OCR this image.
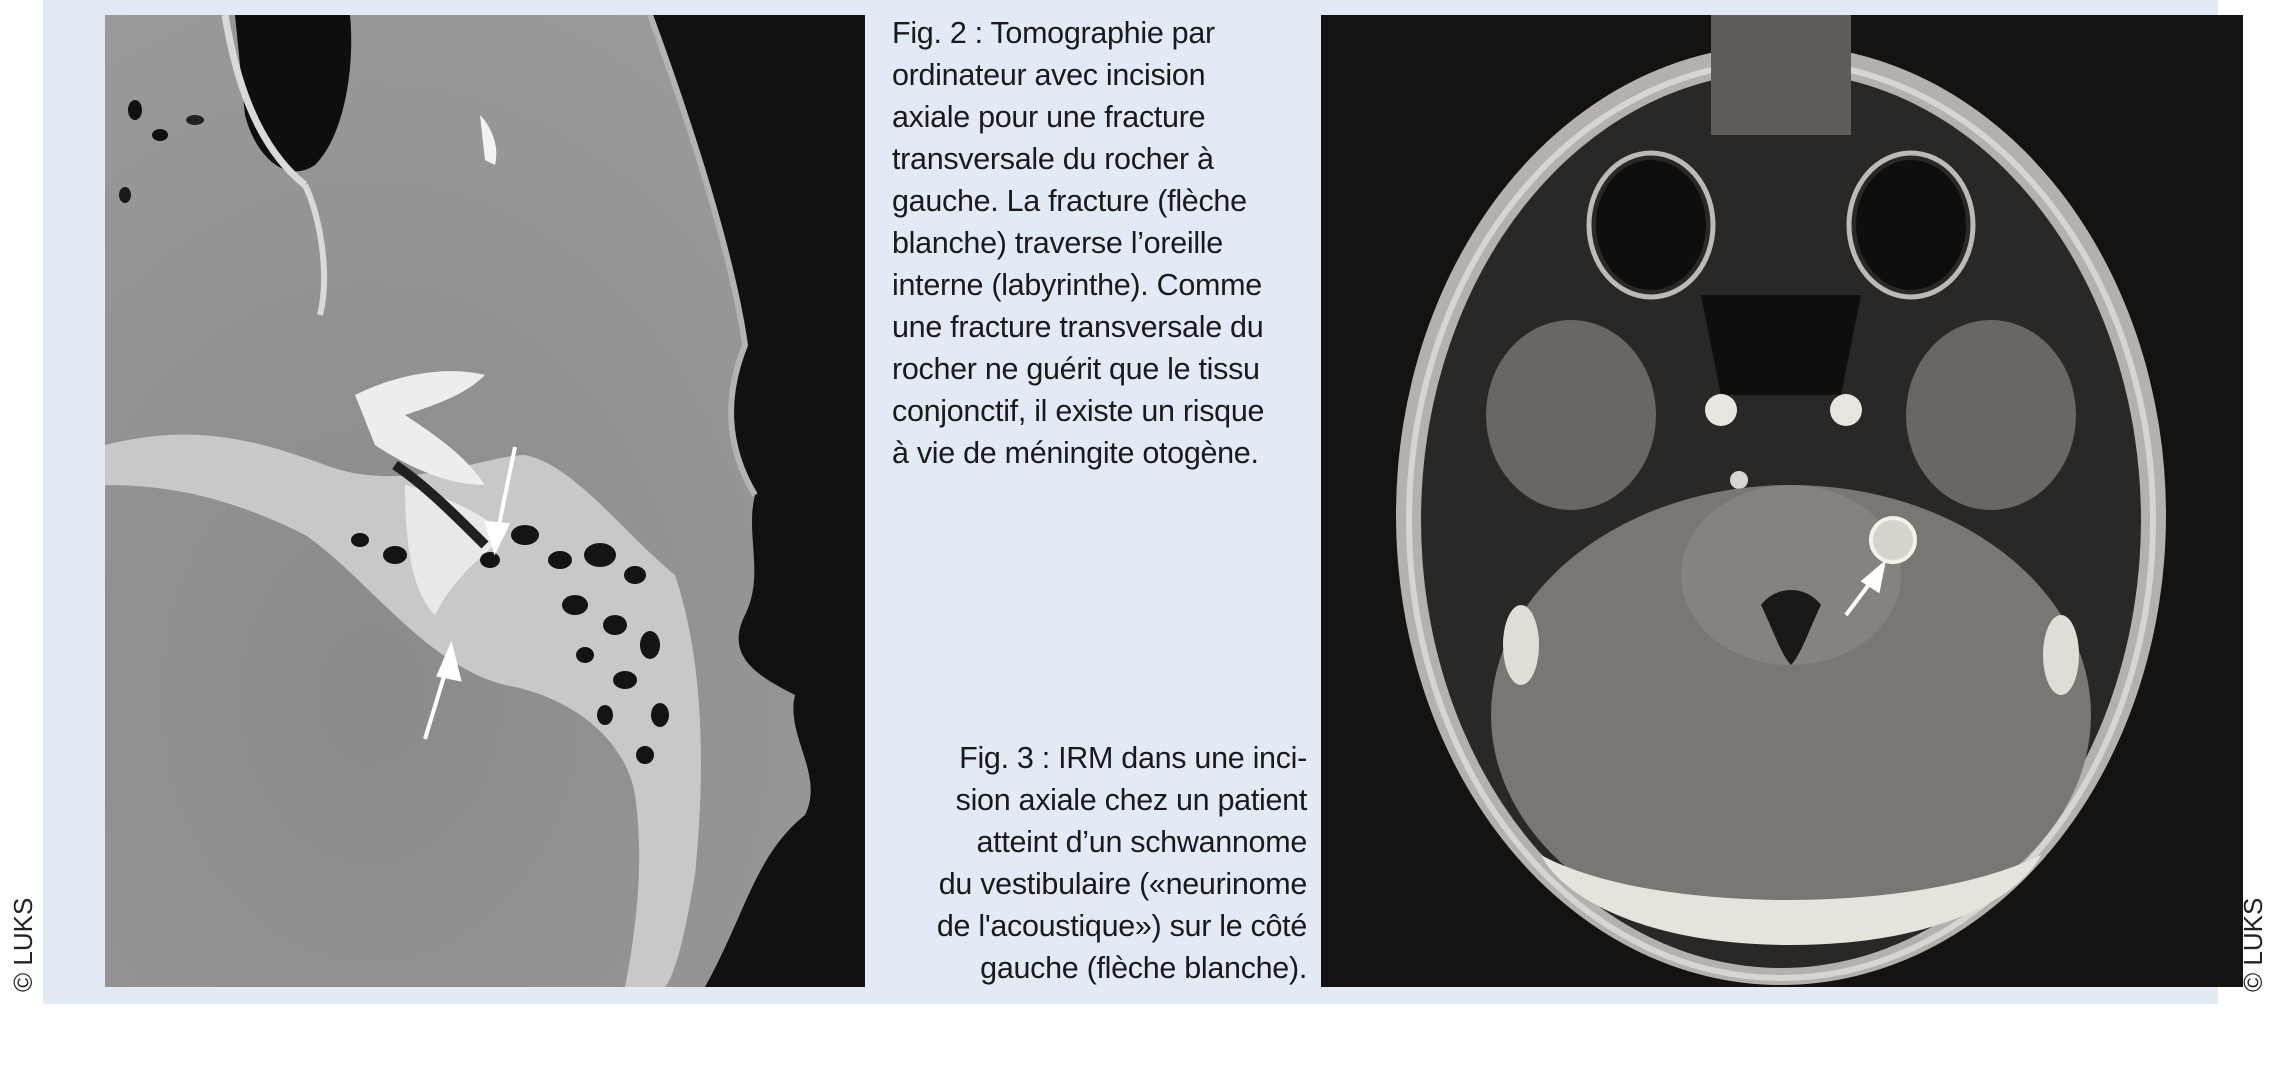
Fig. 2 : Tomographie par
ordinateur avec incision
axiale pour une fracture
transversale du rocher à
gauche. La fracture (flèche
blanche) traverse l’oreille
interne (labyrinthe). Comme
une fracture transversale du
rocher ne guérit que le tissu
conjonctif, il existe un risque
à vie de méningite otogène.

Fig. 3 : IRM dans une inci-
sion axiale chez un patient
atteint d’un schwannome
du vestibulaire («neurinome
de l'acoustique») sur le côté
gauche (flèche blanche).

© LUKS	© LUKS
